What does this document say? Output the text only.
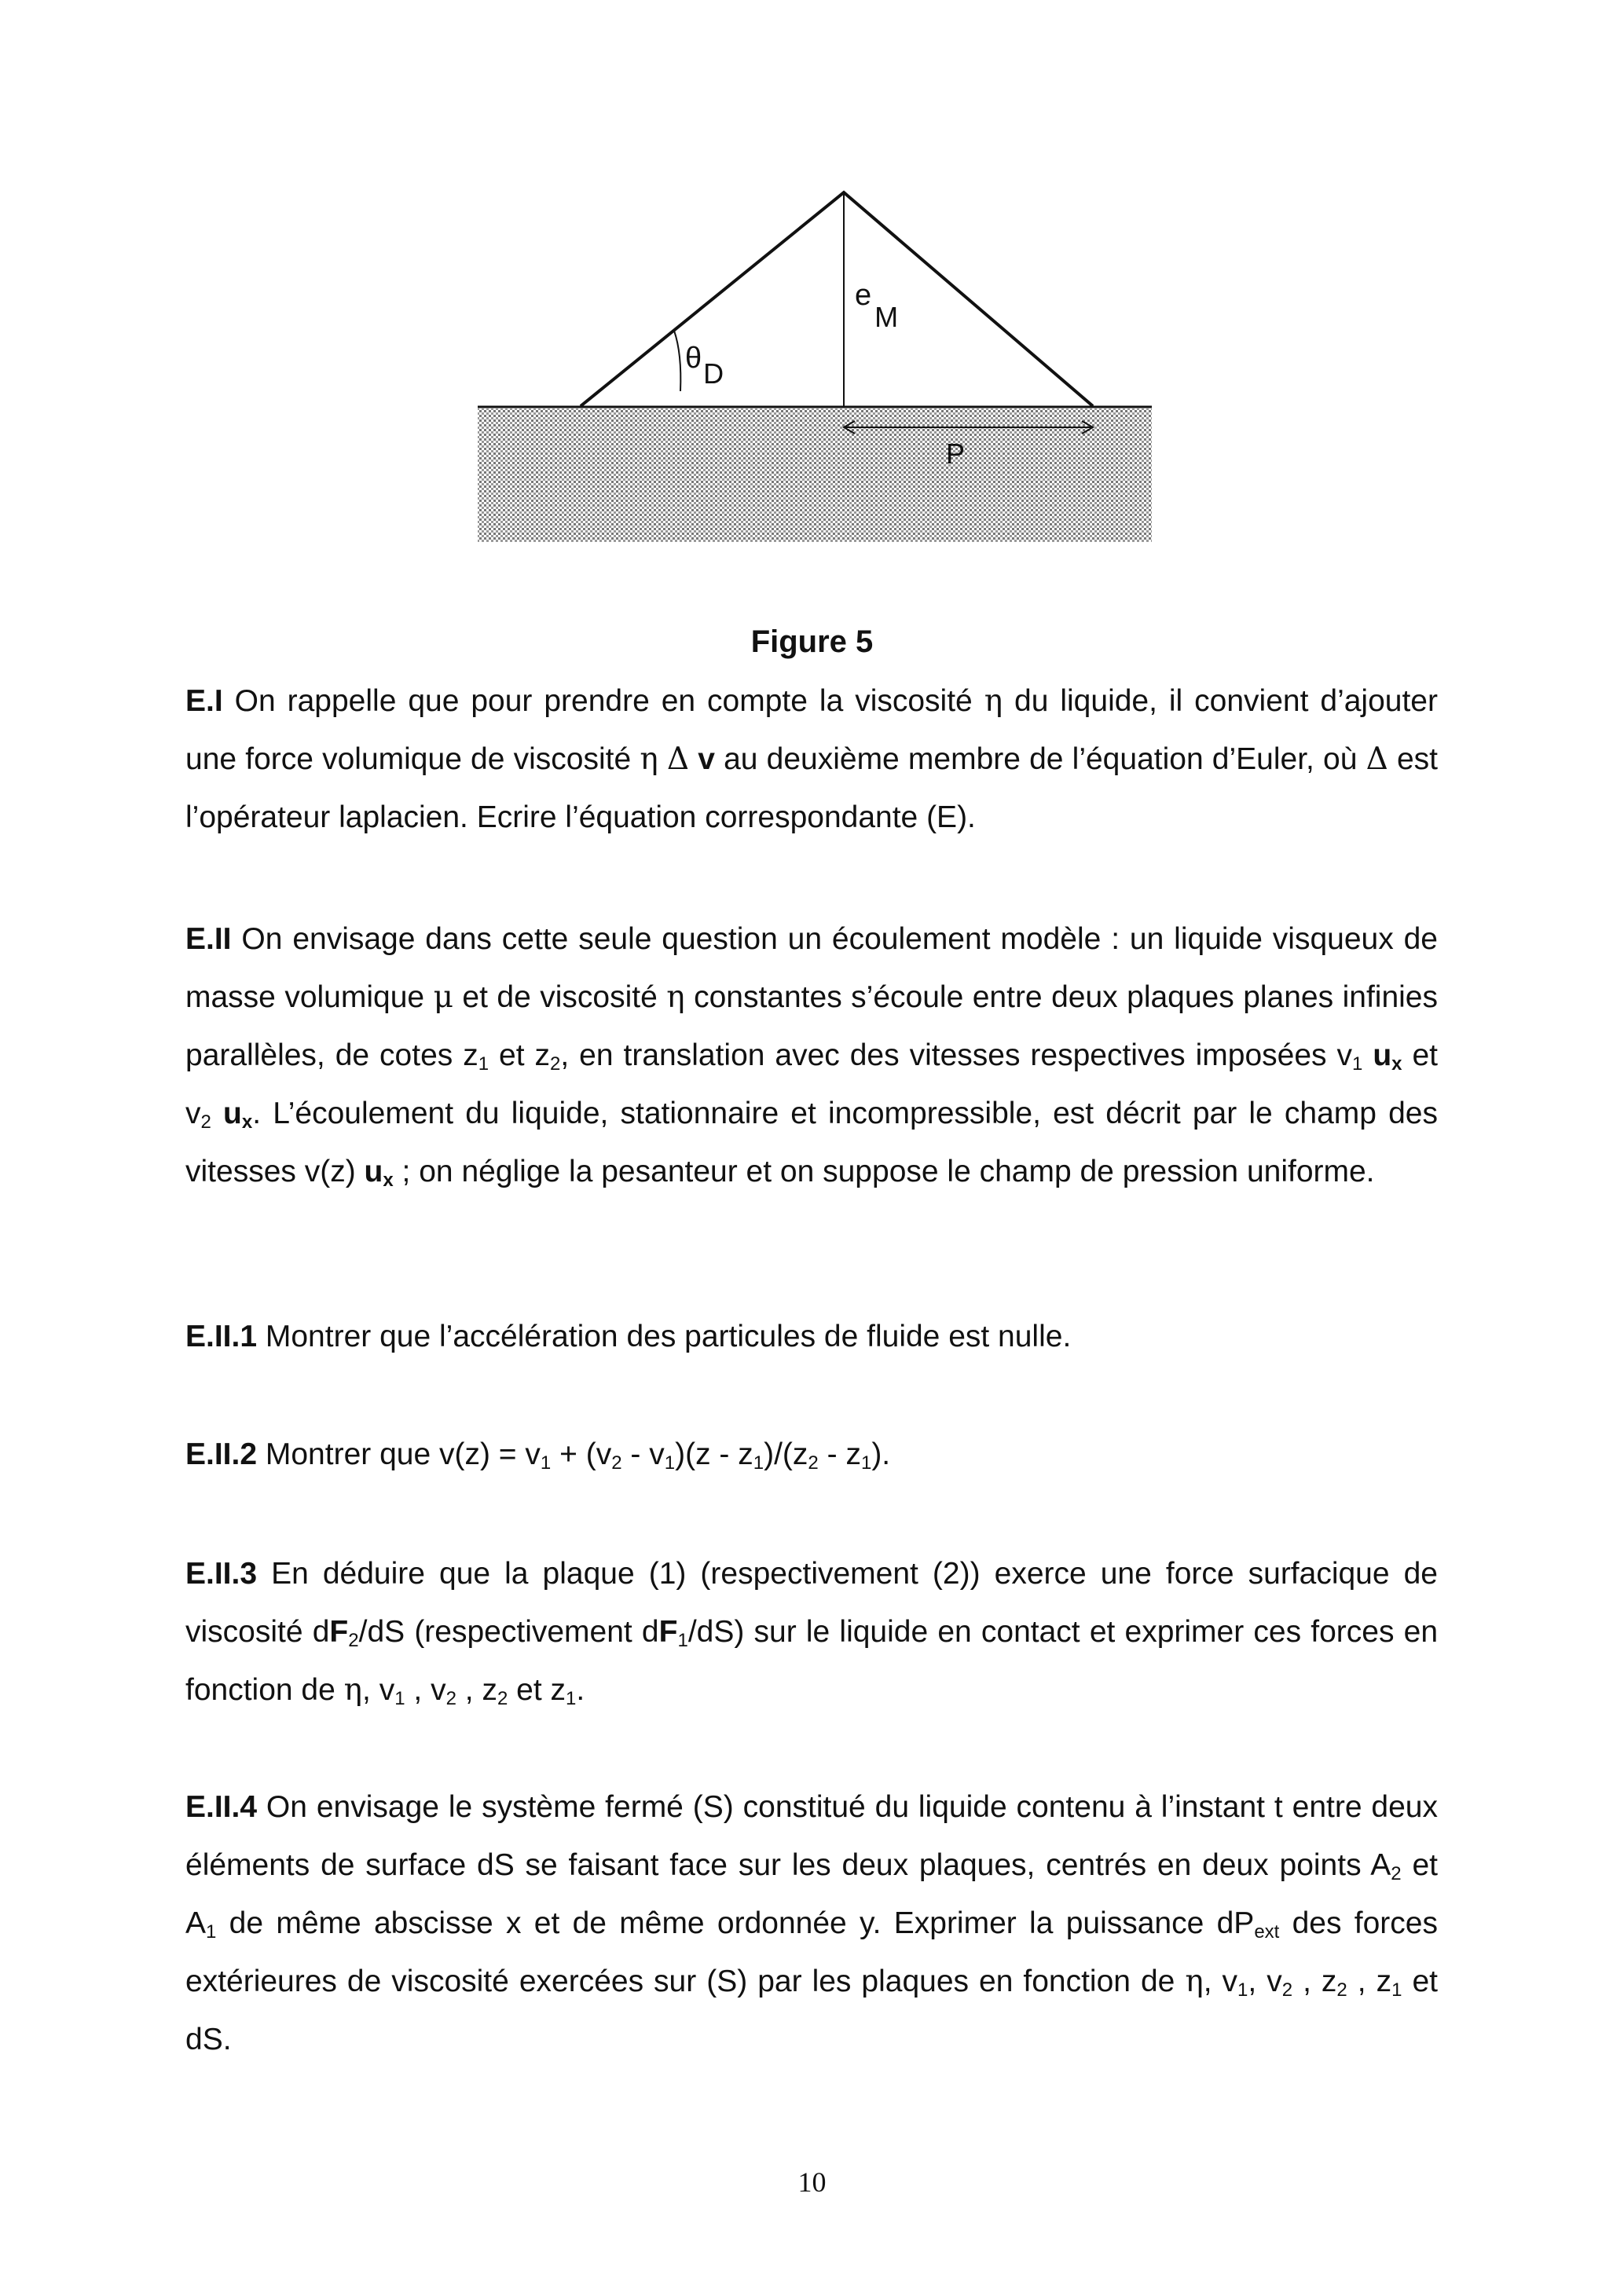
θD
eM
P
Figure 5

E.I On rappelle que pour prendre en compte la viscosité η du liquide, il convient d’ajouter une force volumique de viscosité η Δ v au deuxième membre de l’équation d’Euler, où Δ est l’opérateur laplacien. Ecrire l’équation correspondante (E).

E.II On envisage dans cette seule question un écoulement modèle : un liquide visqueux de masse volumique μ et de viscosité η constantes s’écoule entre deux plaques planes infinies parallèles, de cotes $z_1$ et $z_2$, en translation avec des vitesses respectives imposées $v_1$ $u_x$ et $v_2$ $u_x$. L’écoulement du liquide, stationnaire et incompressible, est décrit par le champ des vitesses v(z) $u_x$ ; on néglige la pesanteur et on suppose le champ de pression uniforme.

E.II.1 Montrer que l’accélération des particules de fluide est nulle.

E.II.2 Montrer que $v(z) = v_1 + (v_2 - v_1)(z - z_1)/(z_2 - z_1)$.

E.II.3 En déduire que la plaque (1) (respectivement (2)) exerce une force surfacique de viscosité $dF_2/dS$ (respectivement $dF_1/dS$) sur le liquide en contact et exprimer ces forces en fonction de η, $v_1$ , $v_2$ , $z_2$ et $z_1$.

E.II.4 On envisage le système fermé (S) constitué du liquide contenu à l’instant t entre deux éléments de surface dS se faisant face sur les deux plaques, centrés en deux points $A_2$ et $A_1$ de même abscisse x et de même ordonnée y. Exprimer la puissance $dP_{ext}$ des forces extérieures de viscosité exercées sur (S) par les plaques en fonction de η, $v_1$, $v_2$ , $z_2$ , $z_1$ et dS.

10
